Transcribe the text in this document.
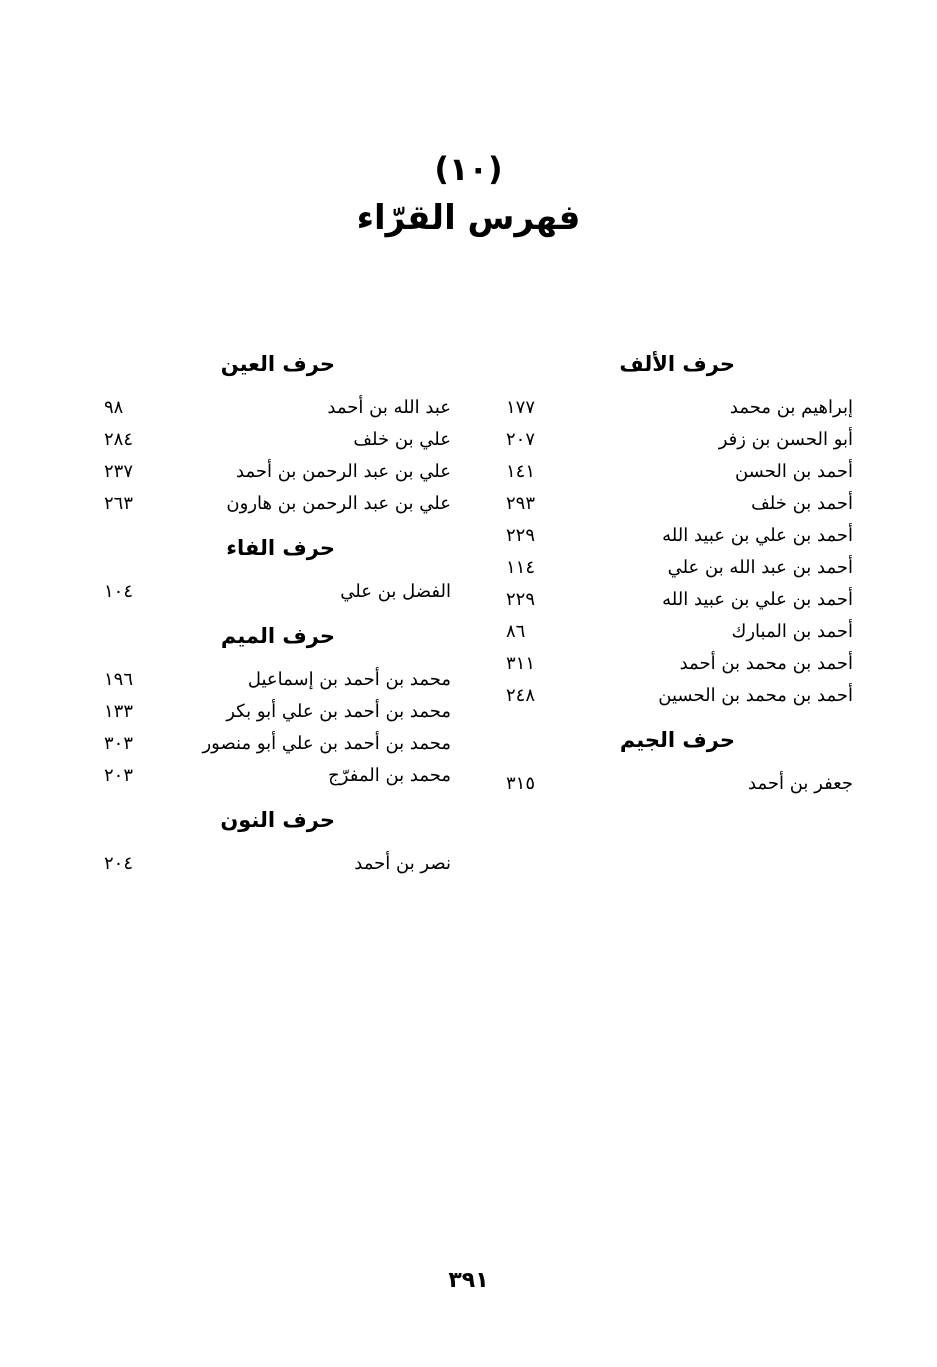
(١٠)
فهرس القرّاء
حرف الألف
إبراهيم بن محمد
١٧٧
أبو الحسن بن زفر
٢٠٧
أحمد بن الحسن
١٤١
أحمد بن خلف
٢٩٣
أحمد بن علي بن عبيد الله
٢٢٩
أحمد بن عبد الله بن علي
١١٤
أحمد بن علي بن عبيد الله
٢٢٩
أحمد بن المبارك
٨٦
أحمد بن محمد بن أحمد
٣١١
أحمد بن محمد بن الحسين
٢٤٨
حرف الجيم
جعفر بن أحمد
٣١٥
حرف العين
عبد الله بن أحمد
٩٨
علي بن خلف
٢٨٤
علي بن عبد الرحمن بن أحمد
٢٣٧
علي بن عبد الرحمن بن هارون
٢٦٣
حرف الفاء
الفضل بن علي
١٠٤
حرف الميم
محمد بن أحمد بن إسماعيل
١٩٦
محمد بن أحمد بن علي أبو بكر
١٣٣
محمد بن أحمد بن علي أبو منصور
٣٠٣
محمد بن المفرّج
٢٠٣
حرف النون
نصر بن أحمد
٢٠٤
٣٩١
